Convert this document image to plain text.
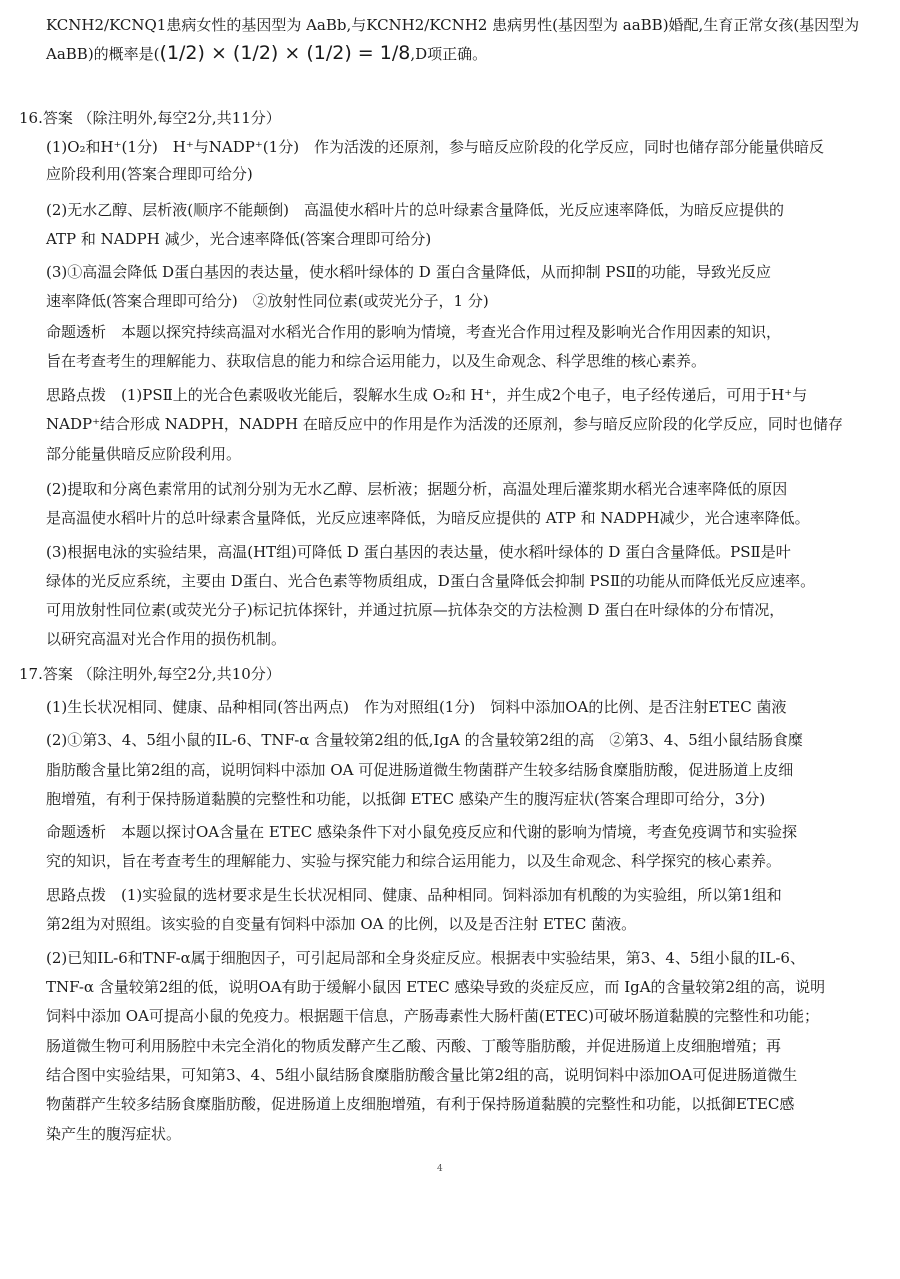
KCNH2/KCNQ1患病女性的基因型为 AaBb,与KCNH2/KCNH2 患病男性(基因型为 aaBB)婚配,生育正常女孩(基因型为
AaBB)的概率是((1/2) × (1/2) × (1/2) = 1/8,D项正确。
16.答案 （除注明外,每空2分,共11分）
(1)O₂和H⁺(1分)　H⁺与NADP⁺(1分)　作为活泼的还原剂，参与暗反应阶段的化学反应，同时也储存部分能量供暗反
应阶段利用(答案合理即可给分)
(2)无水乙醇、层析液(顺序不能颠倒)　高温使水稻叶片的总叶绿素含量降低，光反应速率降低，为暗反应提供的
ATP 和 NADPH 减少，光合速率降低(答案合理即可给分)
(3)①高温会降低 D蛋白基因的表达量，使水稻叶绿体的 D 蛋白含量降低，从而抑制 PSⅡ的功能，导致光反应
速率降低(答案合理即可给分)　②放射性同位素(或荧光分子，1 分)
命题透析　本题以探究持续高温对水稻光合作用的影响为情境，考查光合作用过程及影响光合作用因素的知识，
旨在考查考生的理解能力、获取信息的能力和综合运用能力，以及生命观念、科学思维的核心素养。
思路点拨　(1)PSⅡ上的光合色素吸收光能后，裂解水生成 O₂和 H⁺，并生成2个电子，电子经传递后，可用于H⁺与
NADP⁺结合形成 NADPH，NADPH 在暗反应中的作用是作为活泼的还原剂，参与暗反应阶段的化学反应，同时也储存
部分能量供暗反应阶段利用。
(2)提取和分离色素常用的试剂分别为无水乙醇、层析液；据题分析，高温处理后灌浆期水稻光合速率降低的原因
是高温使水稻叶片的总叶绿素含量降低，光反应速率降低，为暗反应提供的 ATP 和 NADPH减少，光合速率降低。
(3)根据电泳的实验结果，高温(HT组)可降低 D 蛋白基因的表达量，使水稻叶绿体的 D 蛋白含量降低。PSⅡ是叶
绿体的光反应系统，主要由 D蛋白、光合色素等物质组成，D蛋白含量降低会抑制 PSⅡ的功能从而降低光反应速率。
可用放射性同位素(或荧光分子)标记抗体探针，并通过抗原—抗体杂交的方法检测 D 蛋白在叶绿体的分布情况，
以研究高温对光合作用的损伤机制。
17.答案 （除注明外,每空2分,共10分）
(1)生长状况相同、健康、品种相同(答出两点)　作为对照组(1分)　饲料中添加OA的比例、是否注射ETEC 菌液
(2)①第3、4、5组小鼠的IL-6、TNF-α 含量较第2组的低,IgA 的含量较第2组的高　②第3、4、5组小鼠结肠食糜
脂肪酸含量比第2组的高，说明饲料中添加 OA 可促进肠道微生物菌群产生较多结肠食糜脂肪酸，促进肠道上皮细
胞增殖，有利于保持肠道黏膜的完整性和功能，以抵御 ETEC 感染产生的腹泻症状(答案合理即可给分，3分)
命题透析　本题以探讨OA含量在 ETEC 感染条件下对小鼠免疫反应和代谢的影响为情境，考查免疫调节和实验探
究的知识，旨在考查考生的理解能力、实验与探究能力和综合运用能力，以及生命观念、科学探究的核心素养。
思路点拨　(1)实验鼠的选材要求是生长状况相同、健康、品种相同。饲料添加有机酸的为实验组，所以第1组和
第2组为对照组。该实验的自变量有饲料中添加 OA 的比例，以及是否注射 ETEC 菌液。
(2)已知IL-6和TNF-α属于细胞因子，可引起局部和全身炎症反应。根据表中实验结果，第3、4、5组小鼠的IL-6、
TNF-α 含量较第2组的低，说明OA有助于缓解小鼠因 ETEC 感染导致的炎症反应，而 IgA的含量较第2组的高，说明
饲料中添加 OA可提高小鼠的免疫力。根据题干信息，产肠毒素性大肠杆菌(ETEC)可破坏肠道黏膜的完整性和功能；
肠道微生物可利用肠腔中未完全消化的物质发酵产生乙酸、丙酸、丁酸等脂肪酸，并促进肠道上皮细胞增殖；再
结合图中实验结果，可知第3、4、5组小鼠结肠食糜脂肪酸含量比第2组的高，说明饲料中添加OA可促进肠道微生
物菌群产生较多结肠食糜脂肪酸，促进肠道上皮细胞增殖，有利于保持肠道黏膜的完整性和功能，以抵御ETEC感
染产生的腹泻症状。
4
